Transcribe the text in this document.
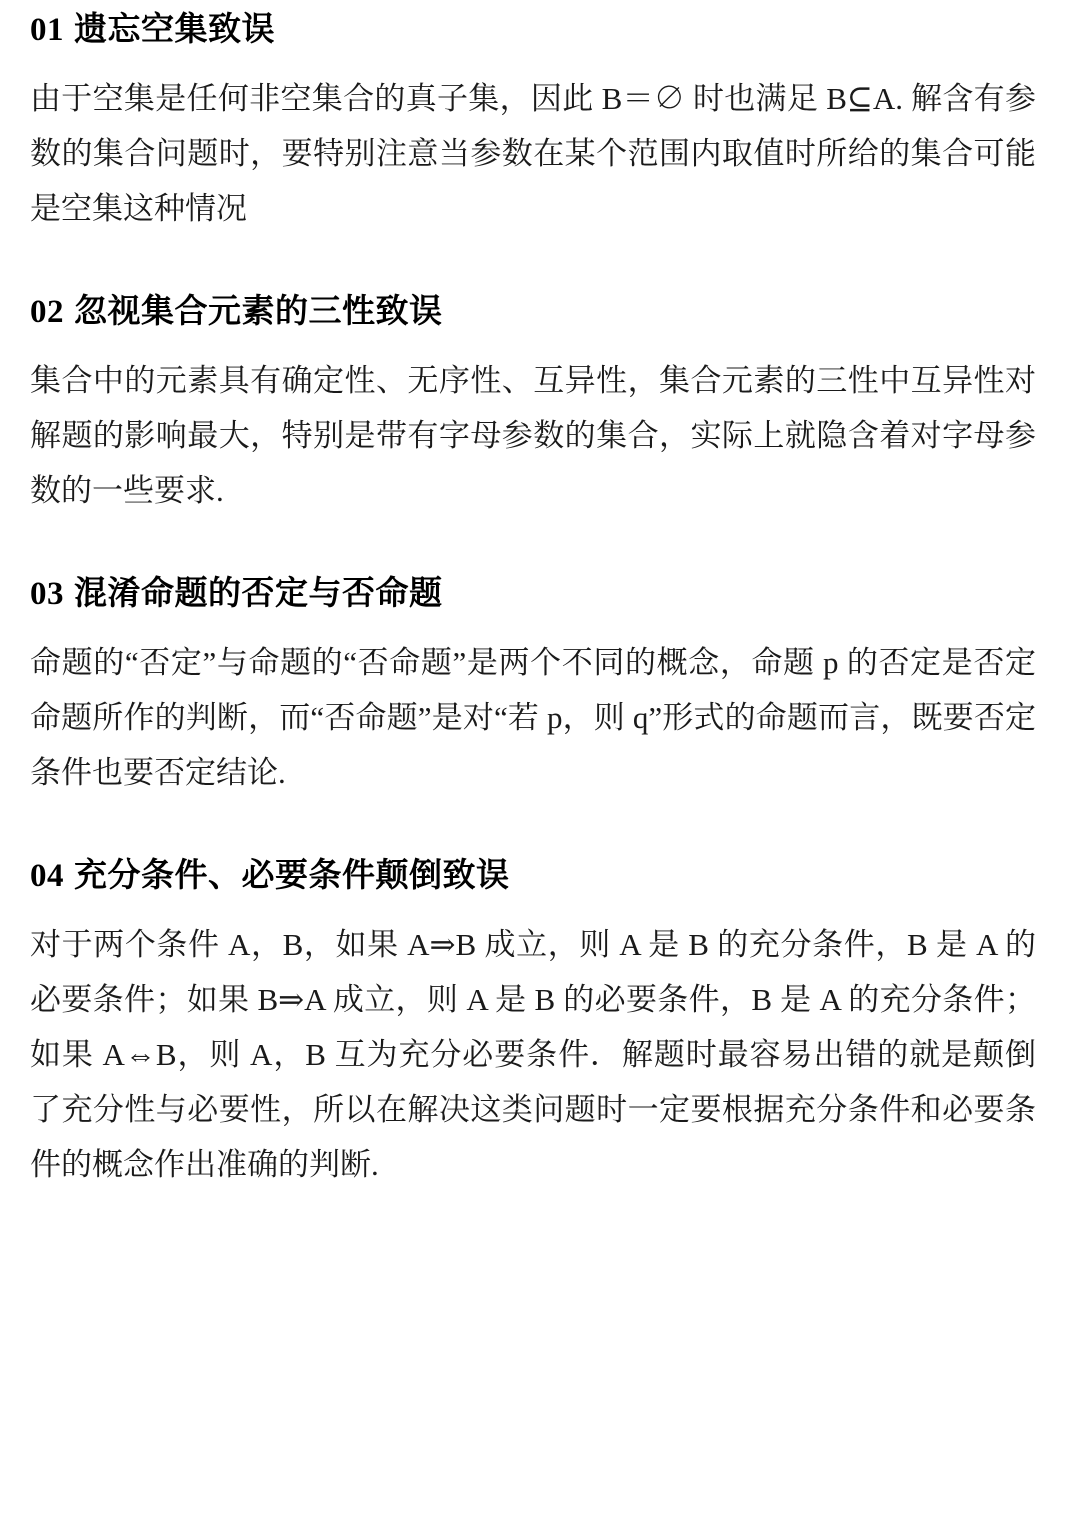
01 遗忘空集致误

由于空集是任何非空集合的真子集，因此 B＝∅ 时也满足 B⊆A. 解含有参数的集合问题时，要特别注意当参数在某个范围内取值时所给的集合可能是空集这种情况

02 忽视集合元素的三性致误

集合中的元素具有确定性、无序性、互异性，集合元素的三性中互异性对解题的影响最大，特别是带有字母参数的集合，实际上就隐含着对字母参数的一些要求.

03 混淆命题的否定与否命题

命题的“否定”与命题的“否命题”是两个不同的概念，命题 p 的否定是否定命题所作的判断，而“否命题”是对“若 p，则 q”形式的命题而言，既要否定条件也要否定结论.

04 充分条件、必要条件颠倒致误

对于两个条件 A，B，如果 A⇒B 成立，则 A 是 B 的充分条件，B 是 A 的必要条件；如果 B⇒A 成立，则 A 是 B 的必要条件，B 是 A 的充分条件；如果 A⇔B，则 A，B 互为充分必要条件．解题时最容易出错的就是颠倒了充分性与必要性，所以在解决这类问题时一定要根据充分条件和必要条件的概念作出准确的判断.
